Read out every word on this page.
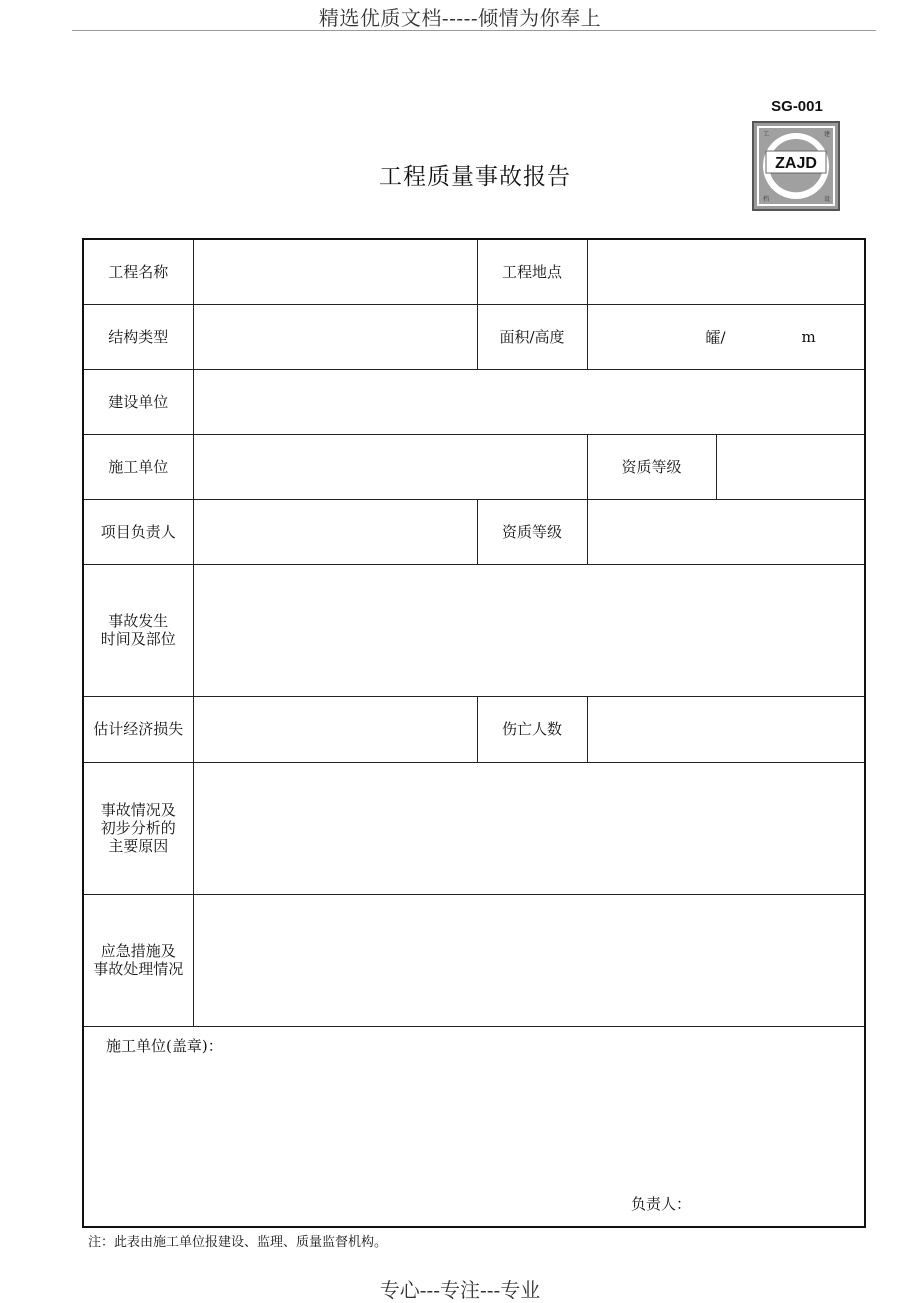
精选优质文档-----倾情为你奉上
SG-001
ZAJD
工	建
档	设
工程质量事故报告
工程名称		工程地点		
结构类型		面积/高度	皬/ m	

建设单位				
施工单位			资质等级	
项目负责人		资质等级		

事故发生
时间及部位				

估计经济损失		伤亡人数		

事故情况及
初步分析的
主要原因				

应急措施及
事故处理情况				

施工单位(盖章)：
负责人：				
注：此表由施工单位报建设、监理、质量监督机构。
专心---专注---专业
